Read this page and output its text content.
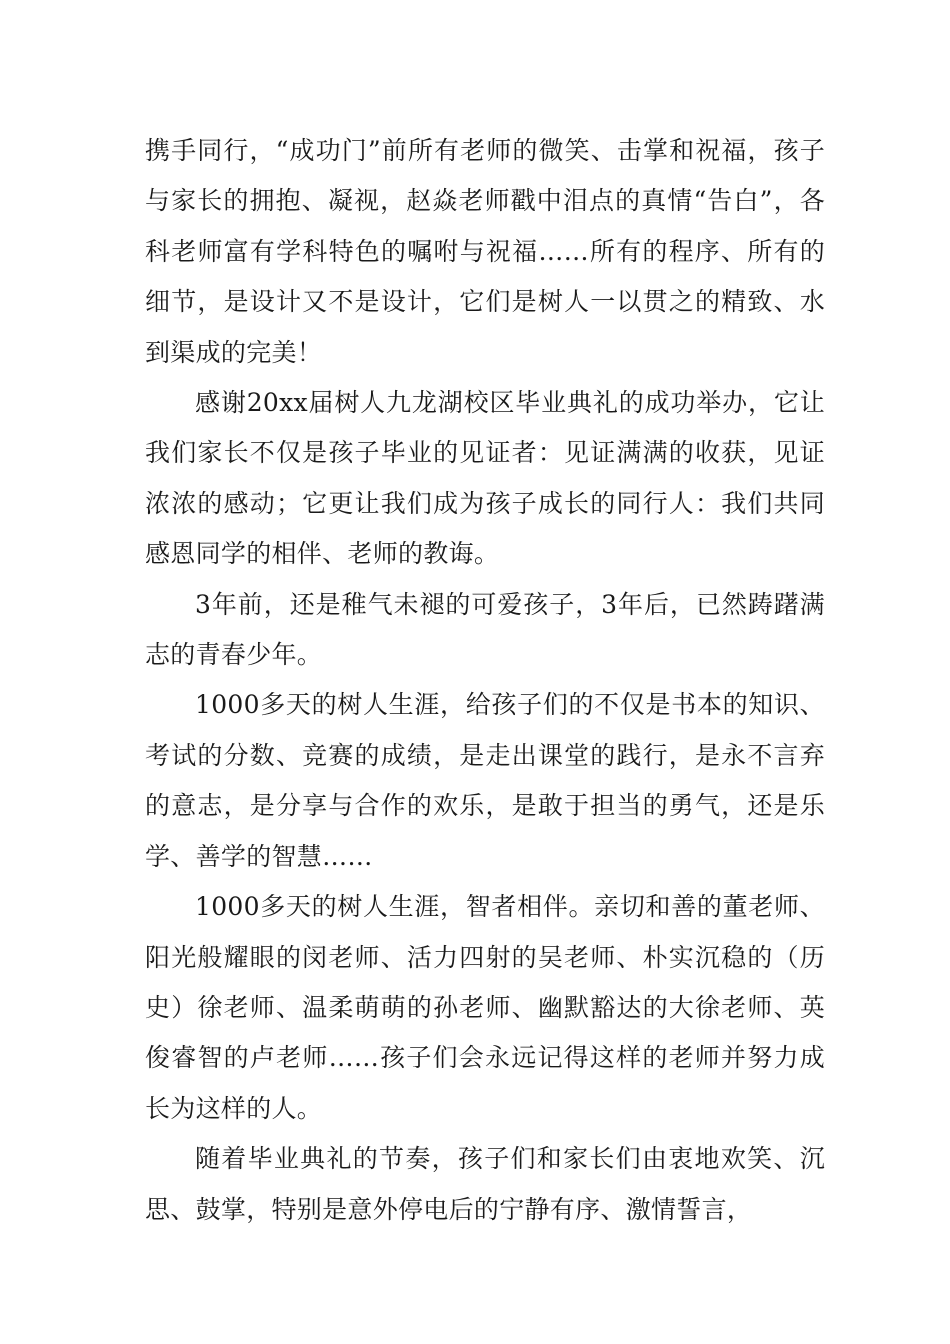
携手同行，“成功门”前所有老师的微笑、击掌和祝福，孩子与家长的拥抱、凝视，赵焱老师戳中泪点的真情“告白”，各科老师富有学科特色的嘱咐与祝福……所有的程序、所有的细节，是设计又不是设计，它们是树人一以贯之的精致、水到渠成的完美！

感谢20xx届树人九龙湖校区毕业典礼的成功举办，它让我们家长不仅是孩子毕业的见证者：见证满满的收获，见证浓浓的感动；它更让我们成为孩子成长的同行人：我们共同感恩同学的相伴、老师的教诲。

3年前，还是稚气未褪的可爱孩子，3年后，已然踌躇满志的青春少年。

1000多天的树人生涯，给孩子们的不仅是书本的知识、考试的分数、竞赛的成绩，是走出课堂的践行，是永不言弃的意志，是分享与合作的欢乐，是敢于担当的勇气，还是乐学、善学的智慧……

1000多天的树人生涯，智者相伴。亲切和善的董老师、阳光般耀眼的闵老师、活力四射的吴老师、朴实沉稳的（历史）徐老师、温柔萌萌的孙老师、幽默豁达的大徐老师、英俊睿智的卢老师……孩子们会永远记得这样的老师并努力成长为这样的人。

随着毕业典礼的节奏，孩子们和家长们由衷地欢笑、沉思、鼓掌，特别是意外停电后的宁静有序、激情誓言，
